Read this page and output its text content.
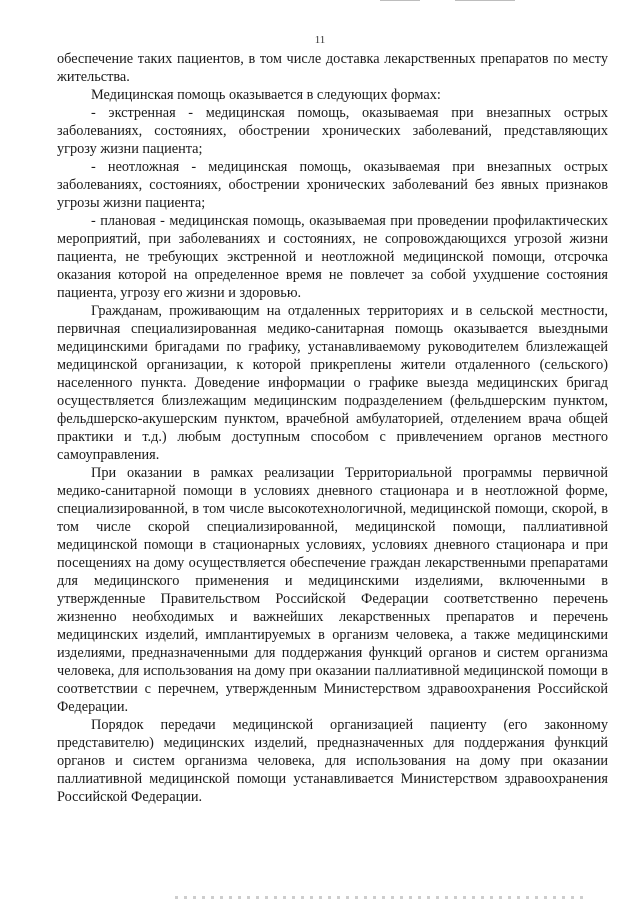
11

обеспечение таких пациентов, в том числе доставка лекарственных препаратов по месту жительства.

Медицинская помощь оказывается в следующих формах:

- экстренная - медицинская помощь, оказываемая при внезапных острых заболеваниях, состояниях, обострении хронических заболеваний, представляющих угрозу жизни пациента;

- неотложная - медицинская помощь, оказываемая при внезапных острых заболеваниях, состояниях, обострении хронических заболеваний без явных признаков угрозы жизни пациента;

- плановая - медицинская помощь, оказываемая при проведении профилактических мероприятий, при заболеваниях и состояниях, не сопровождающихся угрозой жизни пациента, не требующих экстренной и неотложной медицинской помощи, отсрочка оказания которой на определенное время не повлечет за собой ухудшение состояния пациента, угрозу его жизни и здоровью.

Гражданам, проживающим на отдаленных территориях и в сельской местности, первичная специализированная медико-санитарная помощь оказывается выездными медицинскими бригадами по графику, устанавливаемому руководителем близлежащей медицинской организации, к которой прикреплены жители отдаленного (сельского) населенного пункта. Доведение информации о графике выезда медицинских бригад осуществляется близлежащим медицинским подразделением (фельдшерским пунктом, фельдшерско-акушерским пунктом, врачебной амбулаторией, отделением врача общей практики и т.д.) любым доступным способом с привлечением органов местного самоуправления.

При оказании в рамках реализации Территориальной программы первичной медико-санитарной помощи в условиях дневного стационара и в неотложной форме, специализированной, в том числе высокотехнологичной, медицинской помощи, скорой, в том числе скорой специализированной, медицинской помощи, паллиативной медицинской помощи в стационарных условиях, условиях дневного стационара и при посещениях на дому осуществляется обеспечение граждан лекарственными препаратами для медицинского применения и медицинскими изделиями, включенными в утвержденные Правительством Российской Федерации соответственно перечень жизненно необходимых и важнейших лекарственных препаратов и перечень медицинских изделий, имплантируемых в организм человека, а также медицинскими изделиями, предназначенными для поддержания функций органов и систем организма человека, для использования на дому при оказании паллиативной медицинской помощи в соответствии с перечнем, утвержденным Министерством здравоохранения Российской Федерации.

Порядок передачи медицинской организацией пациенту (его законному представителю) медицинских изделий, предназначенных для поддержания функций органов и систем организма человека, для использования на дому при оказании паллиативной медицинской помощи устанавливается Министерством здравоохранения Российской Федерации.
